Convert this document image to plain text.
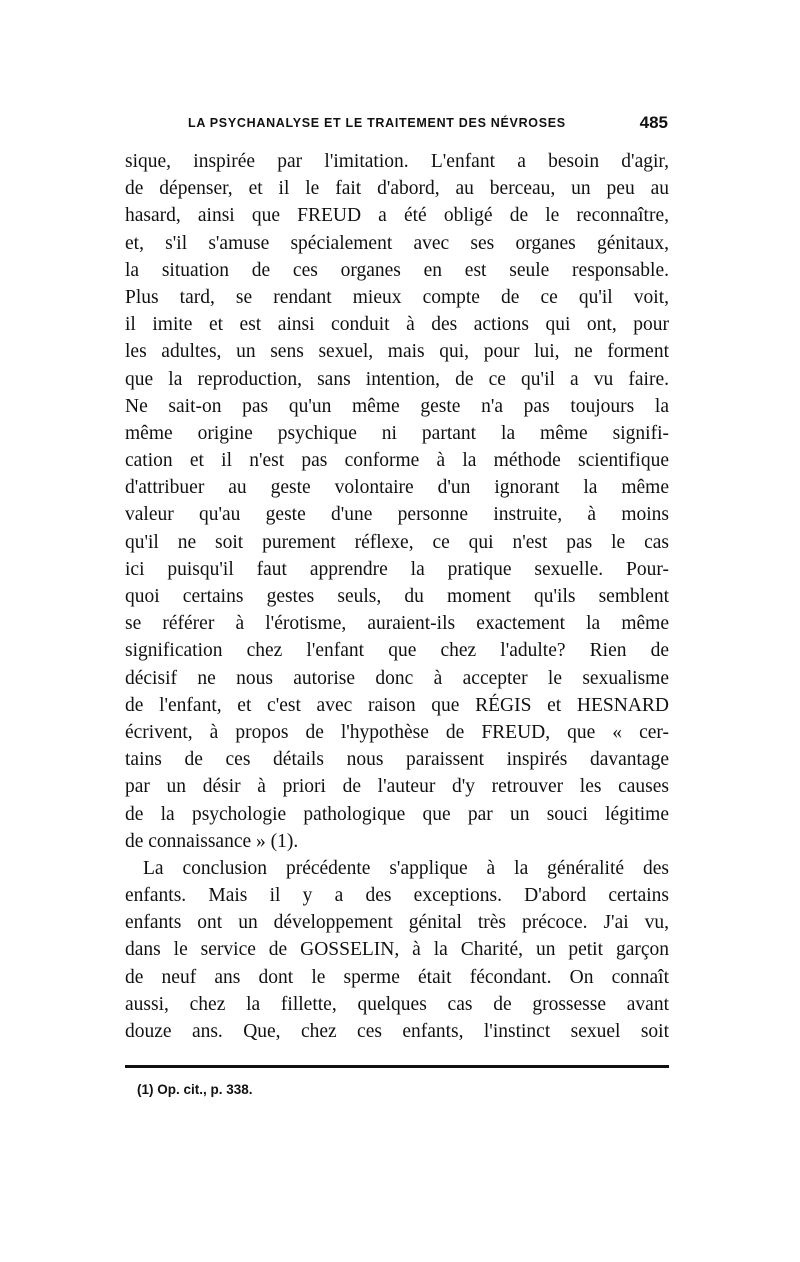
LA PSYCHANALYSE ET LE TRAITEMENT DES NÉVROSES	485
sique, inspirée par l'imitation. L'enfant a besoin d'agir,
de dépenser, et il le fait d'abord, au berceau, un peu au
hasard, ainsi que FREUD a été obligé de le reconnaître,
et, s'il s'amuse spécialement avec ses organes génitaux,
la situation de ces organes en est seule responsable.
Plus tard, se rendant mieux compte de ce qu'il voit,
il imite et est ainsi conduit à des actions qui ont, pour
les adultes, un sens sexuel, mais qui, pour lui, ne forment
que la reproduction, sans intention, de ce qu'il a vu faire.
Ne sait-on pas qu'un même geste n'a pas toujours la
même origine psychique ni partant la même signifi-
cation et il n'est pas conforme à la méthode scientifique
d'attribuer au geste volontaire d'un ignorant la même
valeur qu'au geste d'une personne instruite, à moins
qu'il ne soit purement réflexe, ce qui n'est pas le cas
ici puisqu'il faut apprendre la pratique sexuelle. Pour-
quoi certains gestes seuls, du moment qu'ils semblent
se référer à l'érotisme, auraient-ils exactement la même
signification chez l'enfant que chez l'adulte? Rien de
décisif ne nous autorise donc à accepter le sexualisme
de l'enfant, et c'est avec raison que RÉGIS et HESNARD
écrivent, à propos de l'hypothèse de FREUD, que « cer-
tains de ces détails nous paraissent inspirés davantage
par un désir à priori de l'auteur d'y retrouver les causes
de la psychologie pathologique que par un souci légitime
de connaissance » (1).
La conclusion précédente s'applique à la généralité des
enfants. Mais il y a des exceptions. D'abord certains
enfants ont un développement génital très précoce. J'ai vu,
dans le service de GOSSELIN, à la Charité, un petit garçon
de neuf ans dont le sperme était fécondant. On connaît
aussi, chez la fillette, quelques cas de grossesse avant
douze ans. Que, chez ces enfants, l'instinct sexuel soit
(1) Op. cit., p. 338.
